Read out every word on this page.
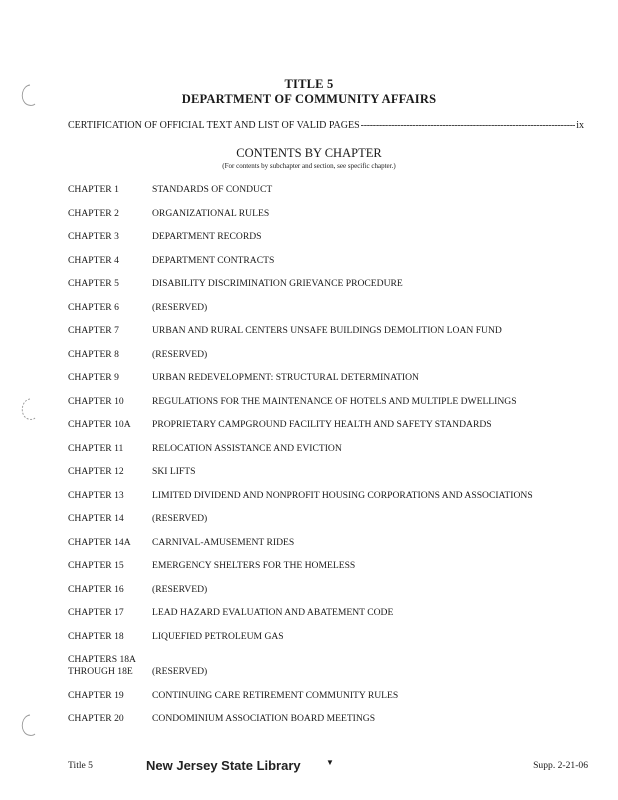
TITLE 5
DEPARTMENT OF COMMUNITY AFFAIRS
CERTIFICATION OF OFFICIAL TEXT AND LIST OF VALID PAGES
-----	ix
CONTENTS BY CHAPTER
(For contents by subchapter and section, see specific chapter.)
CHAPTER 1	STANDARDS OF CONDUCT
CHAPTER 2	ORGANIZATIONAL RULES
CHAPTER 3	DEPARTMENT RECORDS
CHAPTER 4	DEPARTMENT CONTRACTS
CHAPTER 5	DISABILITY DISCRIMINATION GRIEVANCE PROCEDURE
CHAPTER 6	(RESERVED)
CHAPTER 7	URBAN AND RURAL CENTERS UNSAFE BUILDINGS DEMOLITION LOAN FUND
CHAPTER 8	(RESERVED)
CHAPTER 9	URBAN REDEVELOPMENT: STRUCTURAL DETERMINATION
CHAPTER 10	REGULATIONS FOR THE MAINTENANCE OF HOTELS AND MULTIPLE DWELLINGS
CHAPTER 10A	PROPRIETARY CAMPGROUND FACILITY HEALTH AND SAFETY STANDARDS
CHAPTER 11	RELOCATION ASSISTANCE AND EVICTION
CHAPTER 12	SKI LIFTS
CHAPTER 13	LIMITED DIVIDEND AND NONPROFIT HOUSING CORPORATIONS AND ASSOCIATIONS
CHAPTER 14	(RESERVED)
CHAPTER 14A	CARNIVAL-AMUSEMENT RIDES
CHAPTER 15	EMERGENCY SHELTERS FOR THE HOMELESS
CHAPTER 16	(RESERVED)
CHAPTER 17	LEAD HAZARD EVALUATION AND ABATEMENT CODE
CHAPTER 18	LIQUEFIED PETROLEUM GAS
CHAPTERS 18A
THROUGH 18E	(RESERVED)
CHAPTER 19	CONTINUING CARE RETIREMENT COMMUNITY RULES
CHAPTER 20	CONDOMINIUM ASSOCIATION BOARD MEETINGS
Title 5	New Jersey State Library	▼	Supp. 2-21-06
